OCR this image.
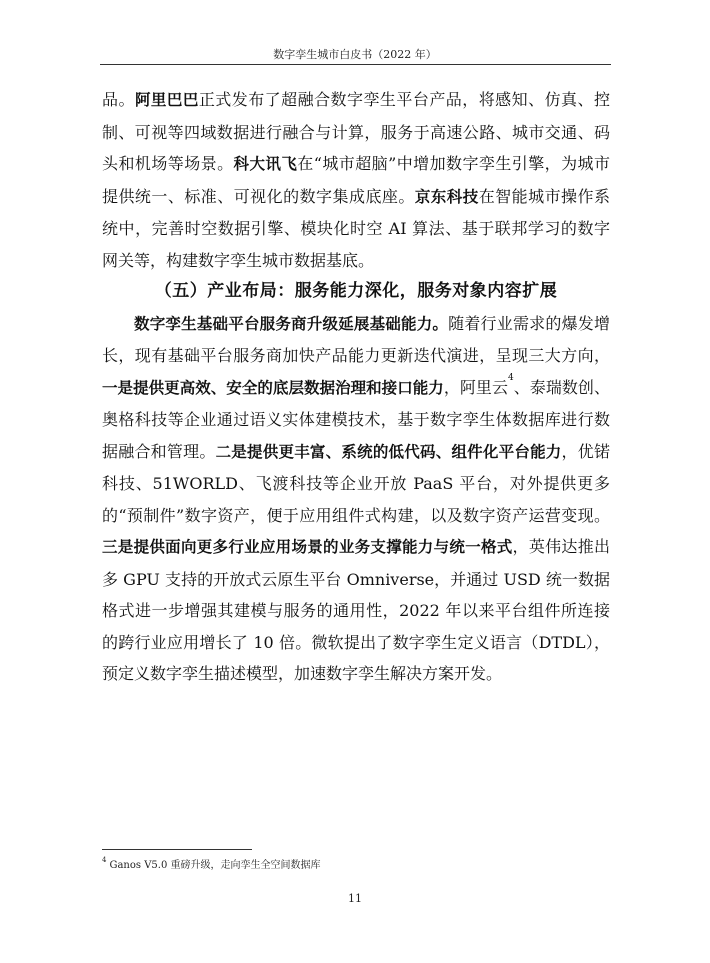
数字孪生城市白皮书（2022 年）

品。阿里巴巴正式发布了超融合数字孪生平台产品，将感知、仿真、控制、可视等四域数据进行融合与计算，服务于高速公路、城市交通、码头和机场等场景。科大讯飞在“城市超脑”中增加数字孪生引擎，为城市提供统一、标准、可视化的数字集成底座。京东科技在智能城市操作系统中，完善时空数据引擎、模块化时空 AI 算法、基于联邦学习的数字网关等，构建数字孪生城市数据基底。

（五）产业布局：服务能力深化，服务对象内容扩展

数字孪生基础平台服务商升级延展基础能力。随着行业需求的爆发增长，现有基础平台服务商加快产品能力更新迭代演进，呈现三大方向，一是提供更高效、安全的底层数据治理和接口能力，阿里云$^4$、泰瑞数创、奥格科技等企业通过语义实体建模技术，基于数字孪生体数据库进行数据融合和管理。二是提供更丰富、系统的低代码、组件化平台能力，优锘科技、51WORLD、飞渡科技等企业开放 PaaS 平台，对外提供更多的“预制件”数字资产，便于应用组件式构建，以及数字资产运营变现。三是提供面向更多行业应用场景的业务支撑能力与统一格式，英伟达推出多 GPU 支持的开放式云原生平台 Omniverse，并通过 USD 统一数据格式进一步增强其建模与服务的通用性，2022 年以来平台组件所连接的跨行业应用增长了 10 倍。微软提出了数字孪生定义语言（DTDL），预定义数字孪生描述模型，加速数字孪生解决方案开发。

$^4$ Ganos V5.0 重磅升级，走向孪生全空间数据库
11
